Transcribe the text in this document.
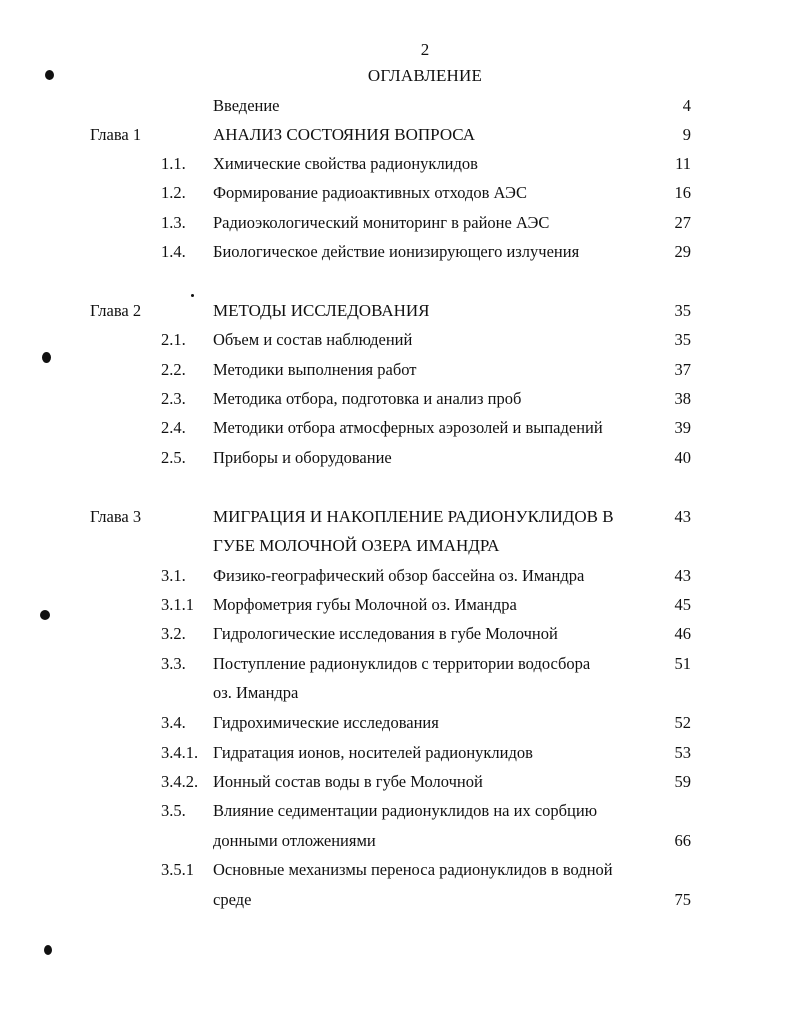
2
ОГЛАВЛЕНИЕ
Введение	4
Глава 1	АНАЛИЗ СОСТОЯНИЯ ВОПРОСА	9
1.1. Химические свойства радионуклидов	11
1.2. Формирование радиоактивных отходов АЭС	16
1.3. Радиоэкологический мониторинг в районе АЭС	27
1.4. Биологическое действие ионизирующего излучения	29
Глава 2	МЕТОДЫ ИССЛЕДОВАНИЯ	35
2.1. Объем и состав наблюдений	35
2.2. Методики выполнения работ	37
2.3. Методика отбора, подготовка и анализ проб	38
2.4. Методики отбора атмосферных аэрозолей и выпадений	39
2.5. Приборы и оборудование	40
Глава 3	МИГРАЦИЯ И НАКОПЛЕНИЕ РАДИОНУКЛИДОВ В	43
ГУБЕ МОЛОЧНОЙ ОЗЕРА ИМАНДРА
3.1. Физико-географический обзор бассейна оз. Имандра	43
3.1.1 Морфометрия губы Молочной оз. Имандра	45
3.2. Гидрологические исследования в губе Молочной	46
3.3. Поступление радионуклидов с территории водосбора	51
оз. Имандра
3.4. Гидрохимические исследования	52
3.4.1. Гидратация ионов, носителей радионуклидов	53
3.4.2. Ионный состав воды в губе Молочной	59
3.5. Влияние седиментации радионуклидов на их сорбцию
донными отложениями	66
3.5.1 Основные механизмы переноса радионуклидов в водной
среде	75
